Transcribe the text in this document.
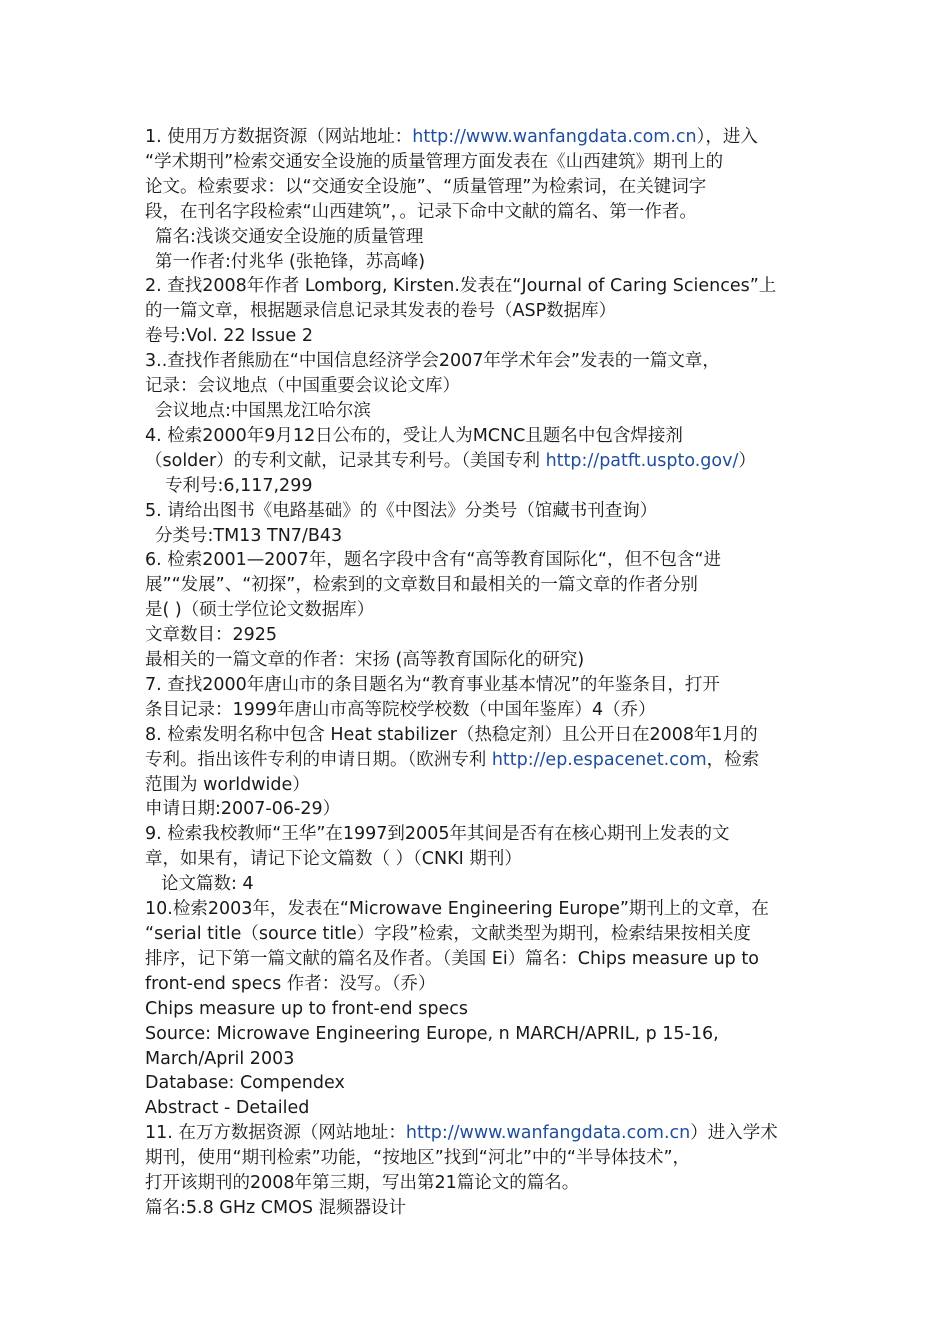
1. 使用万方数据资源（网站地址：http://www.wanfangdata.com.cn），进入
“学术期刊”检索交通安全设施的质量管理方面发表在《山西建筑》期刊上的
论文。检索要求：以“交通安全设施”、“质量管理”为检索词，在关键词字
段，在刊名字段检索“山西建筑”，。记录下命中文献的篇名、第一作者。
篇名:浅谈交通安全设施的质量管理
第一作者:付兆华 (张艳锋，苏高峰)
2. 查找2008年作者 Lomborg, Kirsten.发表在“Journal of Caring Sciences”上
的一篇文章，根据题录信息记录其发表的卷号（ASP数据库）
卷号:Vol. 22 Issue 2
3..查找作者熊励在“中国信息经济学会2007年学术年会”发表的一篇文章，
记录：会议地点（中国重要会议论文库）
会议地点:中国黑龙江哈尔滨
4. 检索2000年9月12日公布的，受让人为MCNC且题名中包含焊接剂
（solder）的专利文献，记录其专利号。（美国专利 http://patft.uspto.gov/）
专利号:6,117,299
5. 请给出图书《电路基础》的《中图法》分类号（馆藏书刊查询）
分类号:TM13 TN7/B43
6. 检索2001—2007年，题名字段中含有“高等教育国际化“，但不包含“进
展”“发展”、“初探”，检索到的文章数目和最相关的一篇文章的作者分别
是( )（硕士学位论文数据库）
文章数目：2925
最相关的一篇文章的作者：宋扬 (高等教育国际化的研究)
7. 查找2000年唐山市的条目题名为“教育事业基本情况”的年鉴条目，打开
条目记录：1999年唐山市高等院校学校数（中国年鉴库）4（乔）
8. 检索发明名称中包含 Heat stabilizer（热稳定剂）且公开日在2008年1月的
专利。指出该件专利的申请日期。（欧洲专利 http://ep.espacenet.com，检索
范围为 worldwide）
申请日期:2007-06-29）
9. 检索我校教师“王华”在1997到2005年其间是否有在核心期刊上发表的文
章，如果有，请记下论文篇数（ ）（CNKI 期刊）
论文篇数: 4
10.检索2003年，发表在“Microwave Engineering Europe”期刊上的文章，在
“serial title（source title）字段”检索，文献类型为期刊，检索结果按相关度
排序，记下第一篇文献的篇名及作者。（美国 Ei）篇名：Chips measure up to
front-end specs 作者：没写。（乔）
Chips measure up to front-end specs
Source: Microwave Engineering Europe, n MARCH/APRIL, p 15-16,
March/April 2003
Database: Compendex
Abstract - Detailed
11. 在万方数据资源（网站地址：http://www.wanfangdata.com.cn）进入学术
期刊，使用“期刊检索”功能，“按地区”找到“河北”中的“半导体技术”，
打开该期刊的2008年第三期，写出第21篇论文的篇名。
篇名:5.8 GHz CMOS 混频器设计
